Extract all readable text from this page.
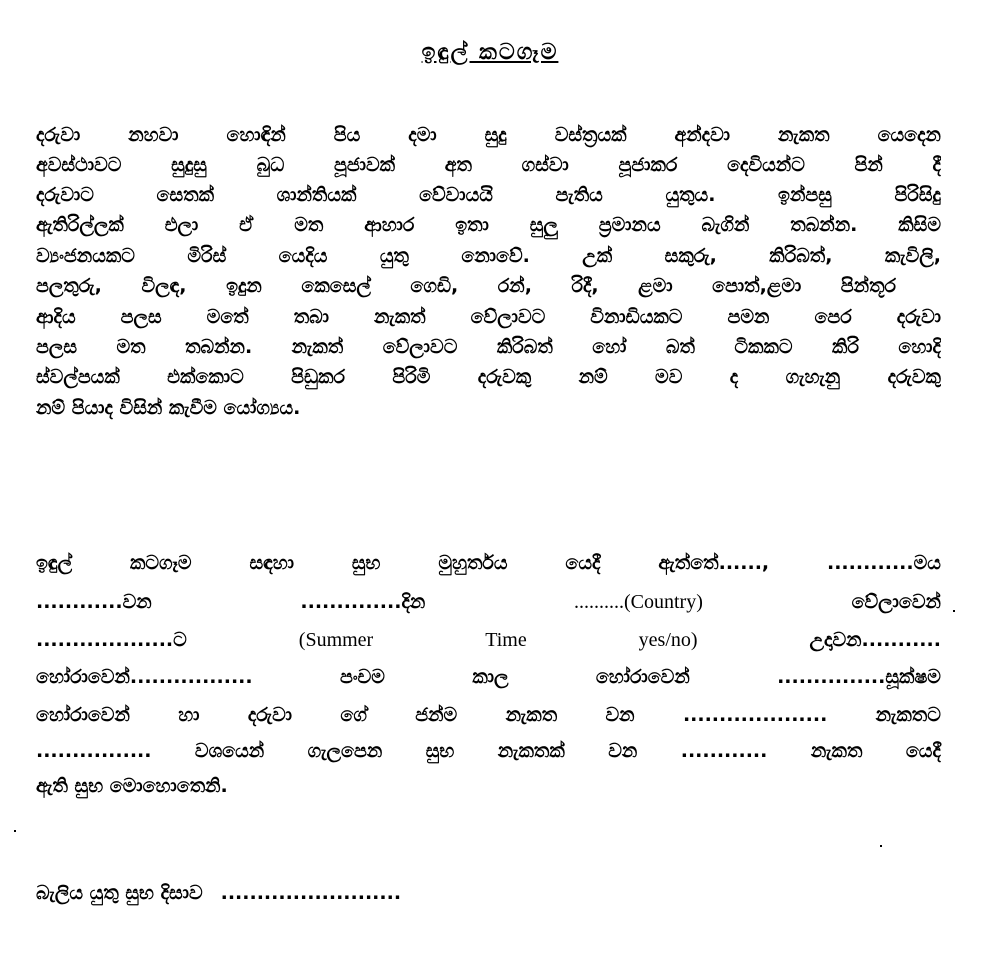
ඉඳුල් කටගෑම
දරුවා නහවා හොඳින් පිය දමා සුදු වස්ත්‍රයක් අන්දවා නැකත යෙදෙන
අවස්ථාවට සුදුසු බුධ පූජාවක් අත ගස්වා පූජාකර දෙවියන්ට පින් දී
දරුවාට සෙතක් ශාන්තියක් වේවායයි පැතිය යුතුය. ඉන්පසු පිරිසිදු
ඇතිරිල්ලක් එලා ඒ මත ආහාර ඉතා සුලු ප්‍රමානය බැගින් තබන්න. කිසිම
ව්‍යංජනයකට මිරිස් යෙදිය යුතු නොවේ. උක් සකුරු, කිරිබත්, කැවිලි,
පලතුරු, විලඳ, ඉදුන කෙසෙල් ගෙඩි, රන්, රිදී, ළමා පොත්,ළමා පින්තූර
ආදිය පලස මතේ තබා නැකත් වේලාවට විනාඩියකට පමන පෙර දරුවා
පලස මත තබන්න. නැකත් වේලාවට කිරිබත් හෝ බත් ටිකකට කිරි හොදි
ස්වල්පයක් එක්කොට පිඩුකර පිරිමි දරුවකු නම් මව ද ගැහැනු දරුවකු
නම් පියාද විසින් කැවීම යෝග්‍යය.
ඉඳුල්	කටගෑම	සඳහා	සුභ	මුහුර්තය	යෙදී	ඇත්තේ......,	............මය
............වන	..............දින	..........(Country)	වේලාවෙන්
...................ට	(Summer	Time	yes/no)	උදාවන...........
හෝරාවෙන්.................	පංචම	කාල	හෝරාවෙන්	...............සූක්ෂම
හෝරාවෙන්	හා	දරුවා	ගේ	ජන්ම	නැකත	වන	....................	නැකතට
................ වශයෙන් ගැලපෙන සුභ නැකතක් වන ............ නැකත යෙදී
ඇති සුභ මොහොතෙනි.
බැලිය යුතු සුභ දිසාව .........................
